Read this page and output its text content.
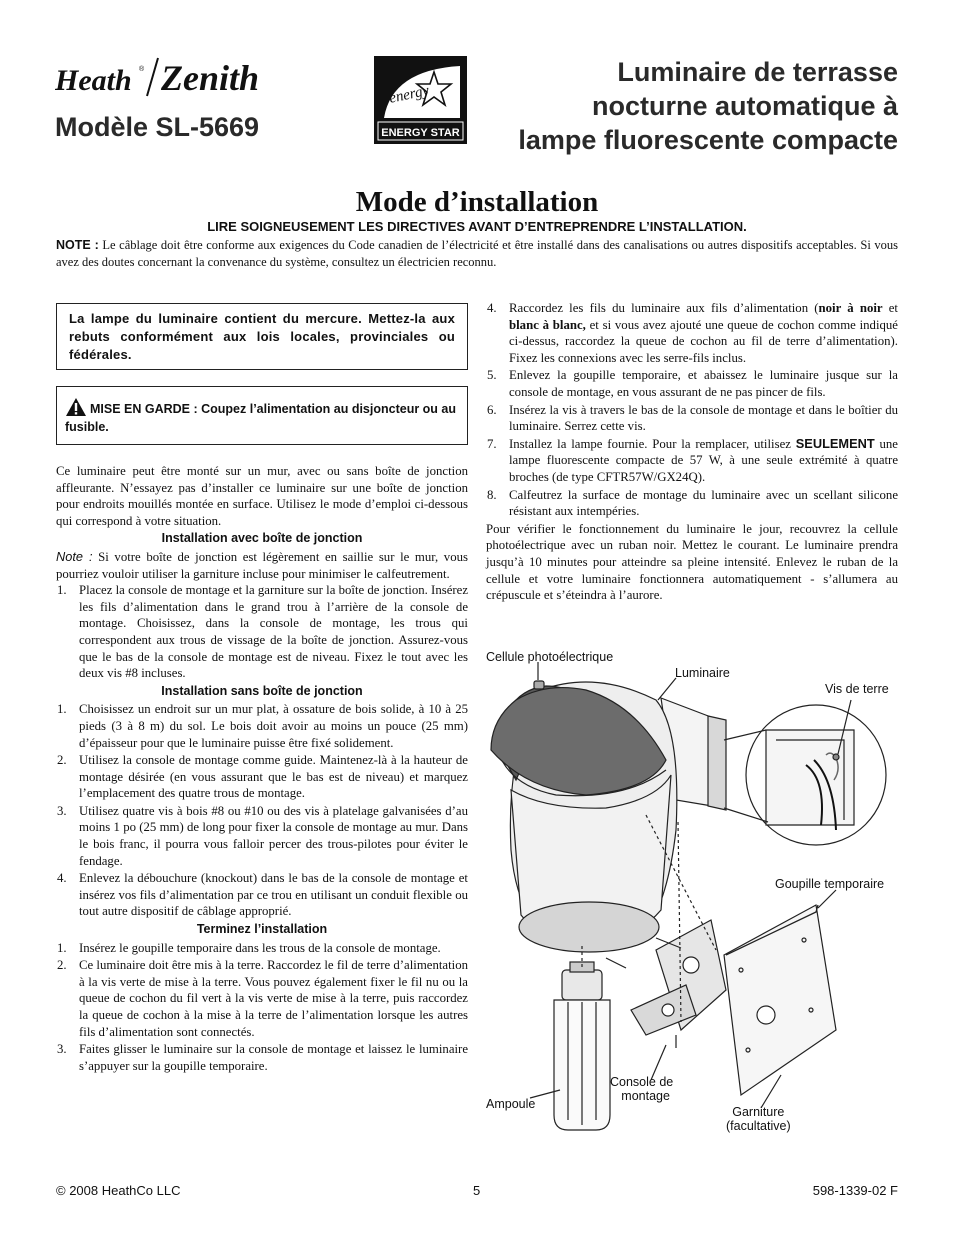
Heath ® Zenith
Modèle SL-5669
energy
ENERGY STAR
Luminaire de terrasse
nocturne automatique à
lampe fluorescente compacte
Mode d’installation
LIRE SOIGNEUSEMENT LES DIRECTIVES AVANT D’ENTREPRENDRE L’INSTALLATION.
NOTE : Le câblage doit être conforme aux exigences du Code canadien de l’électricité et être installé dans des canalisations ou autres dispositifs acceptables. Si vous avez des doutes concernant la convenance du système, consultez un électricien reconnu.
La lampe du luminaire contient du mercure. Mettez-la aux rebuts conformément aux lois locales, provinciales ou fédérales.
MISE EN GARDE : Coupez l’alimentation au disjoncteur ou au fusible.

Ce luminaire peut être monté sur un mur, avec ou sans boîte de jonction affleurante. N’essayez pas d’installer ce luminaire sur une boîte de jonction pour endroits mouillés montée en surface. Utilisez le mode d’emploi ci-dessous qui correspond à votre situation.

Installation avec boîte de jonction

Note : Si votre boîte de jonction est légèrement en saillie sur le mur, vous pourriez vouloir utiliser la garniture incluse pour minimiser le calfeutrement.

1. Placez la console de montage et la garniture sur la boîte de jonction. Insérez les fils d’alimentation dans le grand trou à l’arrière de la console de montage. Choisissez, dans la console de montage, les trous qui correspondent aux trous de vissage de la boîte de jonction. Assurez-vous que le bas de la console de montage est de niveau. Fixez le tout avec les deux vis #8 incluses.
Installation sans boîte de jonction
1. Choisissez un endroit sur un mur plat, à ossature de bois solide, à 10 à 25 pieds (3 à 8 m) du sol. Le bois doit avoir au moins un pouce (25 mm) d’épaisseur pour que le luminaire puisse être fixé solidement.
2. Utilisez la console de montage comme guide. Maintenez-là à la hauteur de montage désirée (en vous assurant que le bas est de niveau) et marquez l’emplacement des quatre trous de montage.
3. Utilisez quatre vis à bois #8 ou #10 ou des vis à platelage galvanisées d’au moins 1 po (25 mm) de long pour fixer la console de montage au mur. Dans le bois franc, il pourra vous falloir percer des trous-pilotes pour éviter le fendage.
4. Enlevez la débouchure (knockout) dans le bas de la console de montage et insérez vos fils d’alimentation par ce trou en utilisant un conduit flexible ou tout autre dispositif de câblage approprié.
Terminez l’installation
1. Insérez le goupille temporaire dans les trous de la console de montage.
2. Ce luminaire doit être mis à la terre. Raccordez le fil de terre d’alimentation à la vis verte de mise à la terre. Vous pouvez également fixer le fil nu ou la queue de cochon du fil vert à la vis verte de mise à la terre, puis raccordez la queue de cochon à la mise à la terre de l’alimentation lorsque les autres fils d’alimentation sont connectés.
3. Faites glisser le luminaire sur la console de montage et laissez le luminaire s’appuyer sur la goupille temporaire.
4. Raccordez les fils du luminaire aux fils d’alimentation (noir à noir et blanc à blanc, et si vous avez ajouté une queue de cochon comme indiqué ci-dessus, raccordez la queue de cochon au fil de terre d’alimentation). Fixez les connexions avec les serre-fils inclus.
5. Enlevez la goupille temporaire, et abaissez le luminaire jusque sur la console de montage, en vous assurant de ne pas pincer de fils.
6. Insérez la vis à travers le bas de la console de montage et dans le boîtier du luminaire. Serrez cette vis.
7. Installez la lampe fournie. Pour la remplacer, utilisez SEULEMENT une lampe fluorescente compacte de 57 W, à une seule extrémité à quatre broches (de type CFTR57W/GX24Q).
8. Calfeutrez la surface de montage du luminaire avec un scellant silicone résistant aux intempéries.

Pour vérifier le fonctionnement du luminaire le jour, recouvrez la cellule photoélectrique avec un ruban noir. Mettez le courant. Le luminaire prendra jusqu’à 10 minutes pour atteindre sa pleine intensité. Enlevez le ruban de la cellule et votre luminaire fonctionnera automatiquement - s’allumera au crépuscule et s’éteindra à l’aurore.

Cellule photoélectrique
Luminaire
Vis de terre
Goupille temporaire
Ampoule
Console de
montage
Garniture
(facultative)
© 2008 HeathCo LLC	5	598-1339-02 F
